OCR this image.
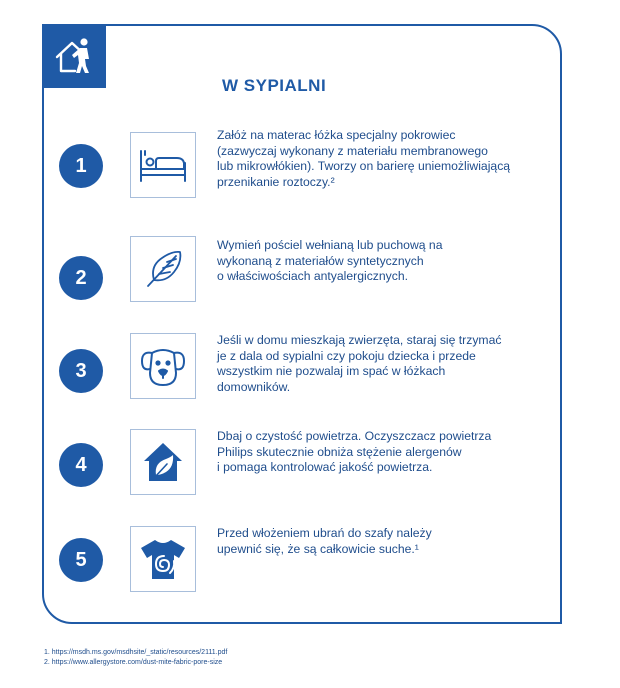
W SYPIALNI
1

Załóż na materac łóżka specjalny pokrowiec
(zazwyczaj wykonany z materiału membranowego
lub mikrowłókien). Tworzy on barierę uniemożliwiającą
przenikanie roztoczy.²

2

Wymień pościel wełnianą lub puchową na
wykonaną z materiałów syntetycznych
o właściwościach antyalergicznych.

3

Jeśli w domu mieszkają zwierzęta, staraj się trzymać
je z dala od sypialni czy pokoju dziecka i przede
wszystkim nie pozwalaj im spać w łóżkach
domowników.

4

Dbaj o czystość powietrza. Oczyszczacz powietrza
Philips skutecznie obniża stężenie alergenów
i pomaga kontrolować jakość powietrza.

5

Przed włożeniem ubrań do szafy należy
upewnić się, że są całkowicie suche.¹

1. https://msdh.ms.gov/msdhsite/_static/resources/2111.pdf
2. https://www.allergystore.com/dust-mite-fabric-pore-size
